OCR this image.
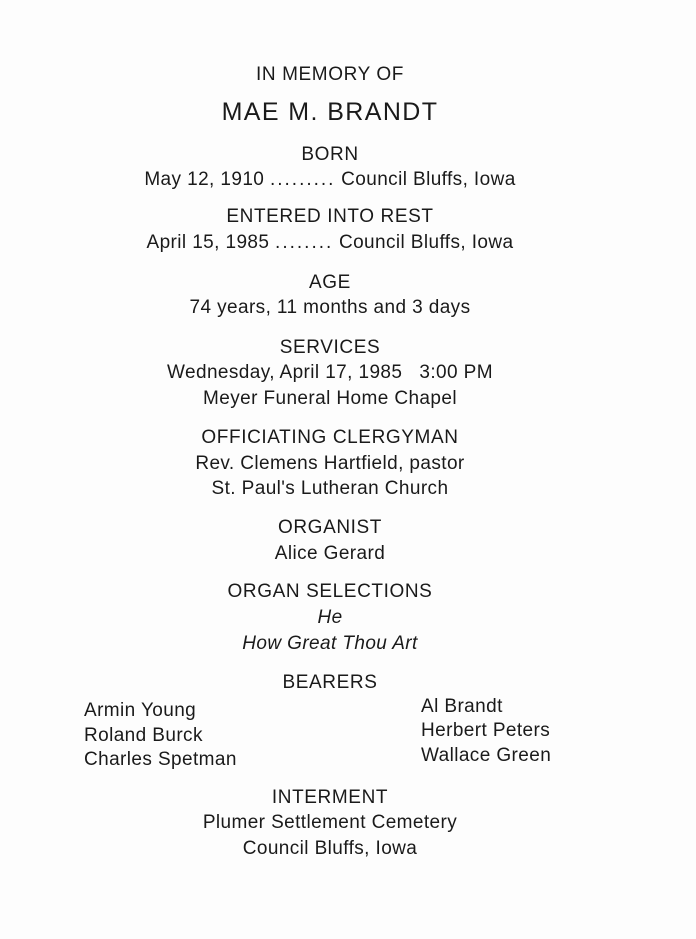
IN MEMORY OF
MAE M. BRANDT
BORN
May 12, 1910 ......... Council Bluffs, Iowa
ENTERED INTO REST
April 15, 1985 ........ Council Bluffs, Iowa
AGE
74 years, 11 months and 3 days
SERVICES
Wednesday, April 17, 1985   3:00 PM
Meyer Funeral Home Chapel
OFFICIATING CLERGYMAN
Rev. Clemens Hartfield, pastor
St. Paul's Lutheran Church
ORGANIST
Alice Gerard
ORGAN SELECTIONS
He
How Great Thou Art
BEARERS
Armin Young
Roland Burck
Charles Spetman
Al Brandt
Herbert Peters
Wallace Green
INTERMENT
Plumer Settlement Cemetery
Council Bluffs, Iowa
